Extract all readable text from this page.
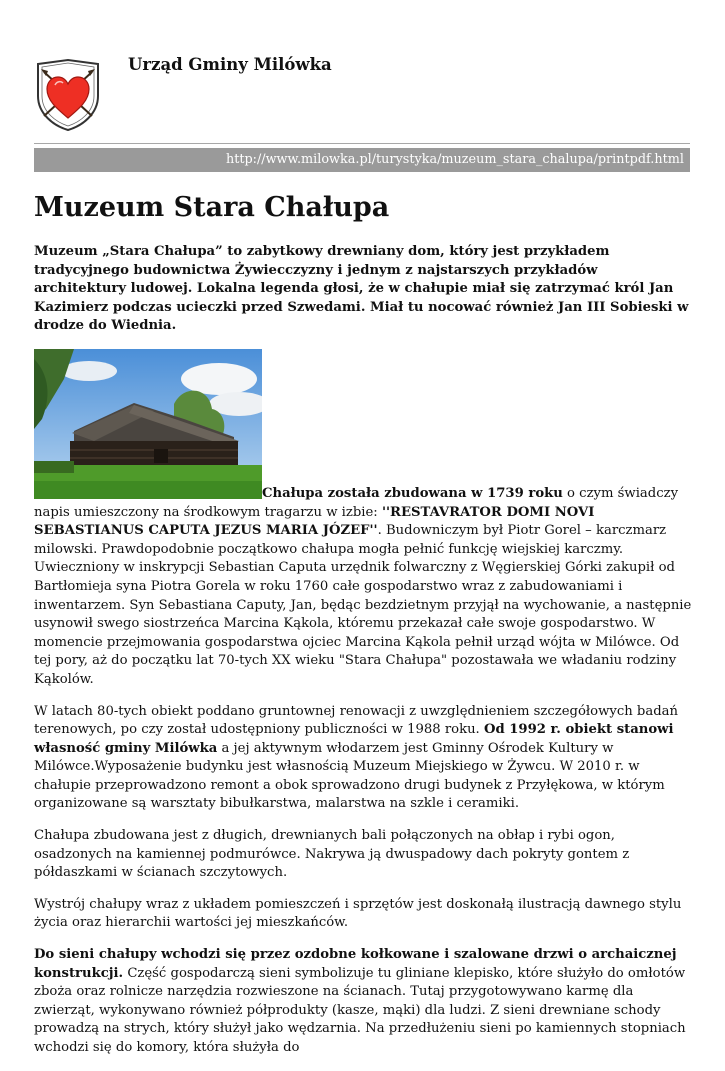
Urząd Gminy Milówka
http://www.milowka.pl/turystyka/muzeum_stara_chalupa/printpdf.html
Muzeum Stara Chałupa

Muzeum „Stara Chałupa” to zabytkowy drewniany dom, który jest przykładem tradycyjnego budownictwa Żywiecczyzny i jednym z najstarszych przykładów architektury ludowej. Lokalna legenda głosi, że w chałupie miał się zatrzymać król Jan Kazimierz podczas ucieczki przed Szwedami. Miał tu nocować również Jan III Sobieski w drodze do Wiednia.

Chałupa została zbudowana w 1739 roku o czym świadczy napis umieszczony na środkowym tragarzu w izbie: ''RESTAVRATOR DOMI NOVI SEBASTIANUS CAPUTA JEZUS MARIA JÓZEF''. Budowniczym był Piotr Gorel – karczmarz milowski. Prawdopodobnie początkowo chałupa mogła pełnić funkcję wiejskiej karczmy. Uwieczniony w inskrypcji Sebastian Caputa urzędnik folwarczny z Węgierskiej Górki zakupił od Bartłomieja syna Piotra Gorela w roku 1760 całe gospodarstwo wraz z zabudowaniami i inwentarzem. Syn Sebastiana Caputy, Jan, będąc bezdzietnym przyjął na wychowanie, a następnie usynowił swego siostrzeńca Marcina Kąkola, któremu przekazał całe swoje gospodarstwo. W momencie przejmowania gospodarstwa ojciec Marcina Kąkola pełnił urząd wójta w Milówce. Od tej pory, aż do początku lat 70-tych XX wieku "Stara Chałupa" pozostawała we władaniu rodziny Kąkolów.

W latach 80-tych obiekt poddano gruntownej renowacji z uwzględnieniem szczegółowych badań terenowych, po czy został udostępniony publiczności w 1988 roku. Od 1992 r. obiekt stanowi własność gminy Milówka a jej aktywnym włodarzem jest Gminny Ośrodek Kultury w Milówce.Wyposażenie budynku jest własnością Muzeum Miejskiego w Żywcu. W 2010 r. w chałupie przeprowadzono remont a obok sprowadzono drugi budynek z Przyłękowa, w którym organizowane są warsztaty bibułkarstwa, malarstwa na szkle i ceramiki.

Chałupa zbudowana jest z długich, drewnianych bali połączonych na obłap i rybi ogon, osadzonych na kamiennej podmurówce. Nakrywa ją dwuspadowy dach pokryty gontem z półdaszkami w ścianach szczytowych.

Wystrój chałupy wraz z układem pomieszczeń i sprzętów jest doskonałą ilustracją dawnego stylu życia oraz hierarchii wartości jej mieszkańców.

Do sieni chałupy wchodzi się przez ozdobne kołkowane i szalowane drzwi o archaicznej konstrukcji. Część gospodarczą sieni symbolizuje tu gliniane klepisko, które służyło do omłotów zboża oraz rolnicze narzędzia rozwieszone na ścianach. Tutaj przygotowywano karmę dla zwierząt, wykonywano również półprodukty (kasze, mąki) dla ludzi. Z sieni drewniane schody prowadzą na strych, który służył jako wędzarnia. Na przedłużeniu sieni po kamiennych stopniach wchodzi się do komory, która służyła do
